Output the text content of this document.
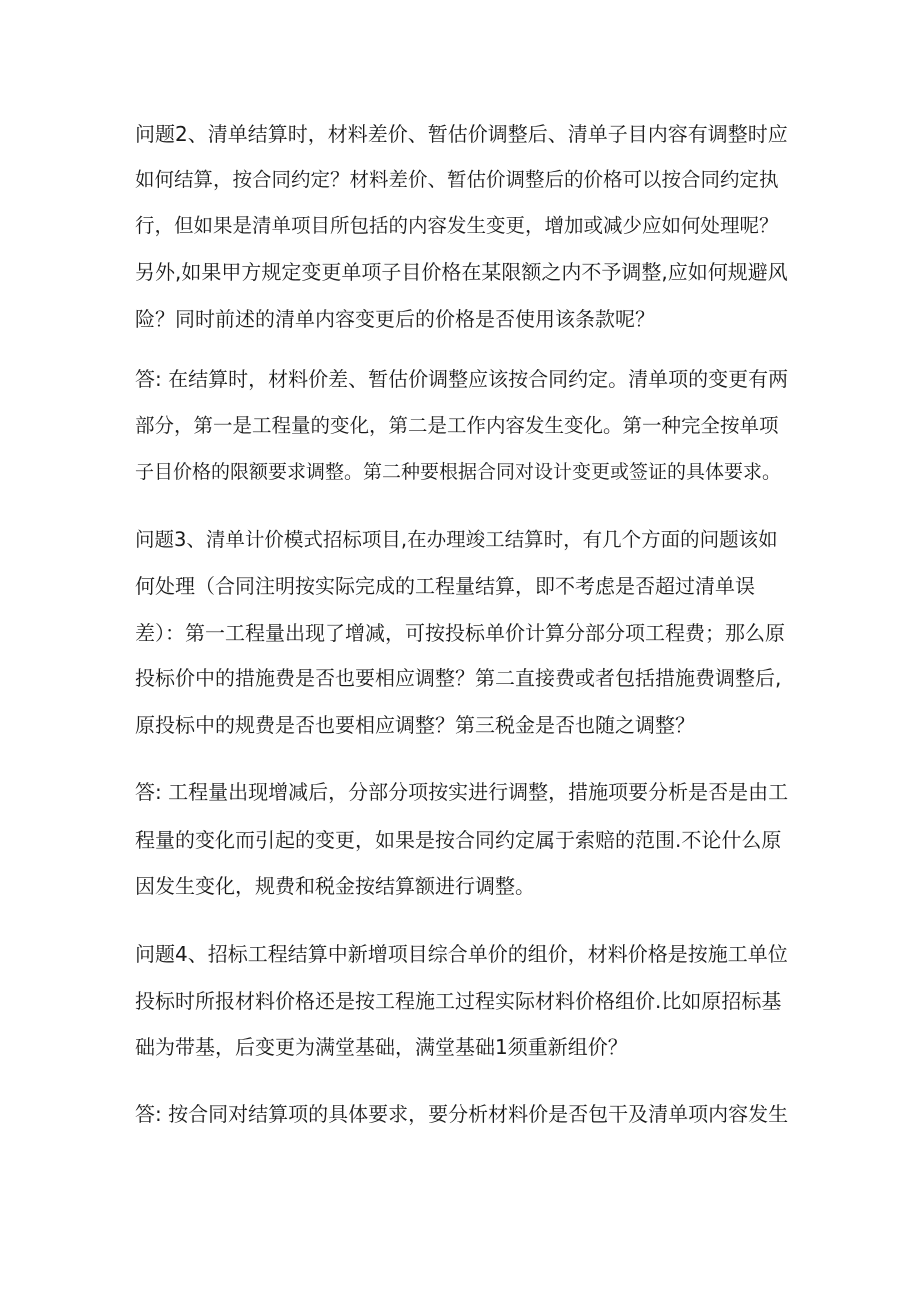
问题2、清单结算时，材料差价、暂估价调整后、清单子目内容有调整时应
如何结算，按合同约定？材料差价、暂估价调整后的价格可以按合同约定执
行，但如果是清单项目所包括的内容发生变更，增加或减少应如何处理呢？
另外,如果甲方规定变更单项子目价格在某限额之内不予调整,应如何规避风
险？同时前述的清单内容变更后的价格是否使用该条款呢？
答: 在结算时，材料价差、暂估价调整应该按合同约定。清单项的变更有两
部分，第一是工程量的变化，第二是工作内容发生变化。第一种完全按单项
子目价格的限额要求调整。第二种要根据合同对设计变更或签证的具体要求。
问题3、清单计价模式招标项目,在办理竣工结算时，有几个方面的问题该如
何处理（合同注明按实际完成的工程量结算，即不考虑是否超过清单误
差）：第一工程量出现了增减，可按投标单价计算分部分项工程费；那么原
投标价中的措施费是否也要相应调整？第二直接费或者包括措施费调整后,
原投标中的规费是否也要相应调整？第三税金是否也随之调整？
答: 工程量出现增减后，分部分项按实进行调整，措施项要分析是否是由工
程量的变化而引起的变更，如果是按合同约定属于索赔的范围.不论什么原
因发生变化，规费和税金按结算额进行调整。
问题4、招标工程结算中新增项目综合单价的组价，材料价格是按施工单位
投标时所报材料价格还是按工程施工过程实际材料价格组价.比如原招标基
础为带基，后变更为满堂基础，满堂基础1须重新组价？
答: 按合同对结算项的具体要求，要分析材料价是否包干及清单项内容发生
